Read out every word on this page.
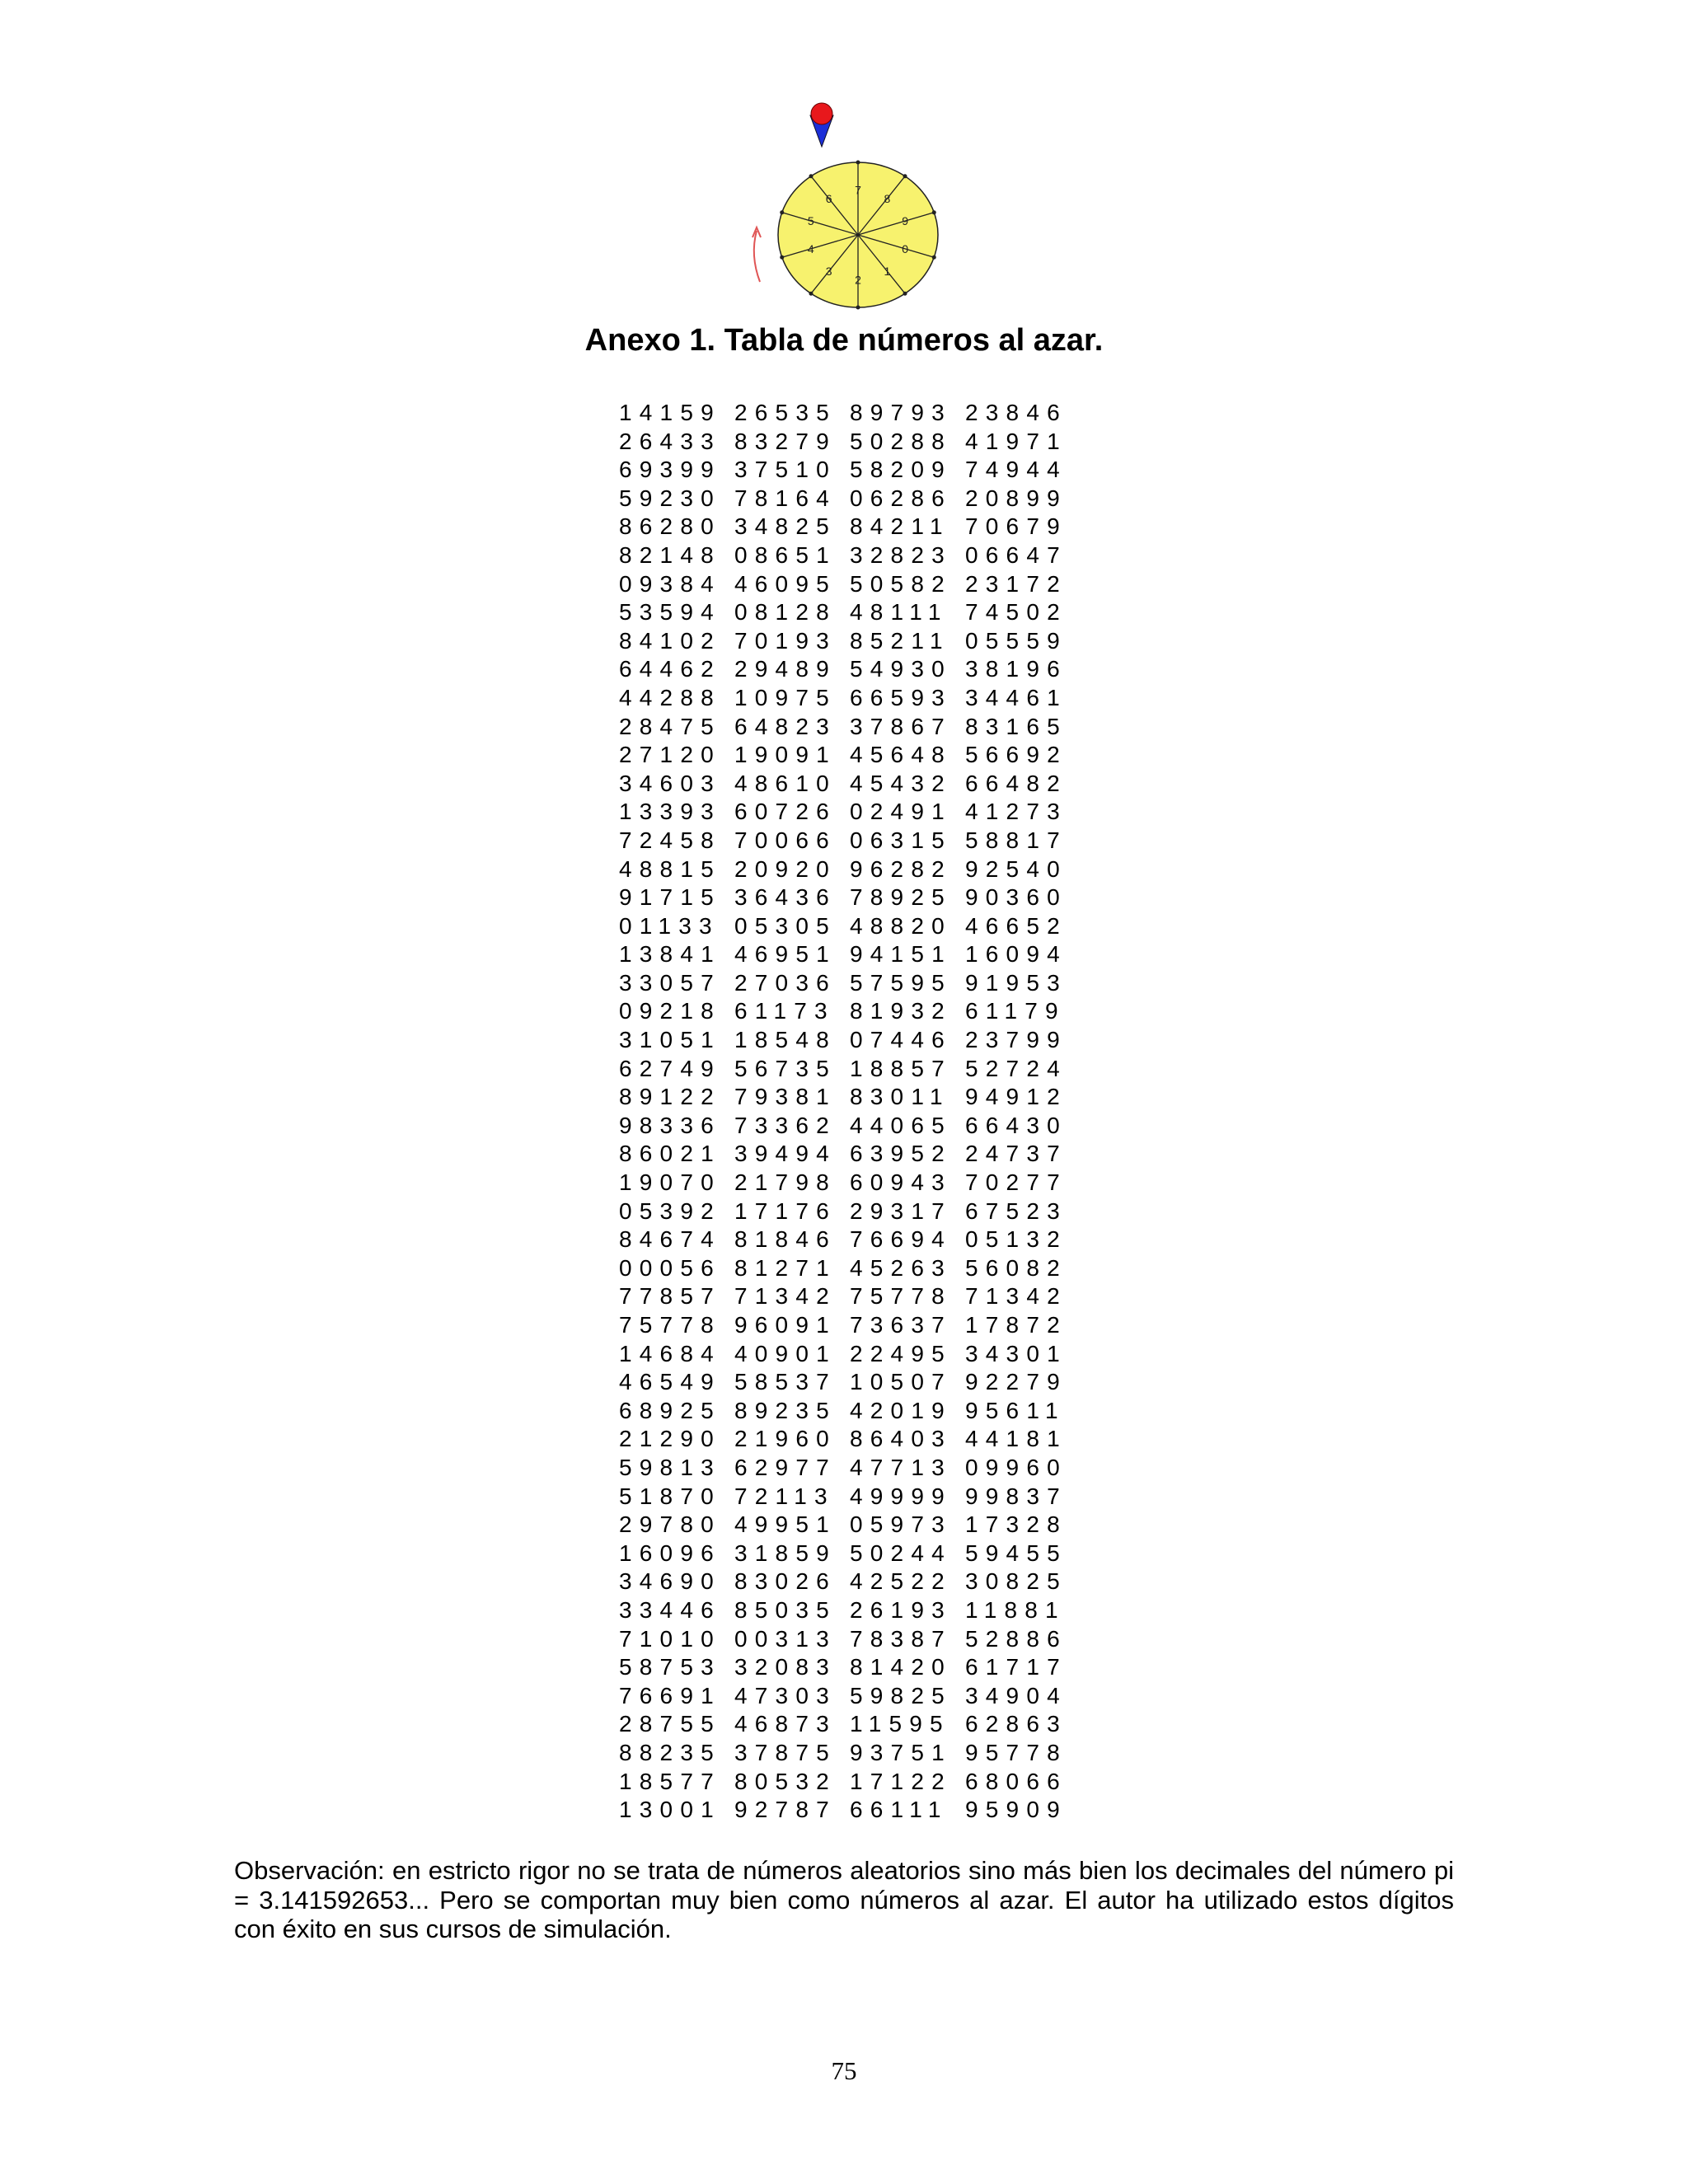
0
1
2
3
4
5
6
7
8
9
Anexo 1. Tabla de números al azar.
14159 26535 89793 23846
26433 83279 50288 41971
69399 37510 58209 74944
59230 78164 06286 20899
86280 34825 84211 70679
82148 08651 32823 06647
09384 46095 50582 23172
53594 08128 48111 74502
84102 70193 85211 05559
64462 29489 54930 38196
44288 10975 66593 34461
28475 64823 37867 83165
27120 19091 45648 56692
34603 48610 45432 66482
13393 60726 02491 41273
72458 70066 06315 58817
48815 20920 96282 92540
91715 36436 78925 90360
01133 05305 48820 46652
13841 46951 94151 16094
33057 27036 57595 91953
09218 61173 81932 61179
31051 18548 07446 23799
62749 56735 18857 52724
89122 79381 83011 94912
98336 73362 44065 66430
86021 39494 63952 24737
19070 21798 60943 70277
05392 17176 29317 67523
84674 81846 76694 05132
00056 81271 45263 56082
77857 71342 75778 71342
75778 96091 73637 17872
14684 40901 22495 34301
46549 58537 10507 92279
68925 89235 42019 95611
21290 21960 86403 44181
59813 62977 47713 09960
51870 72113 49999 99837
29780 49951 05973 17328
16096 31859 50244 59455
34690 83026 42522 30825
33446 85035 26193 11881
71010 00313 78387 52886
58753 32083 81420 61717
76691 47303 59825 34904
28755 46873 11595 62863
88235 37875 93751 95778
18577 80532 17122 68066
13001 92787 66111 95909
Observación: en estricto rigor no se trata de números aleatorios sino más bien los decimales del número pi = 3.141592653... Pero se comportan muy bien como números al azar. El autor ha utilizado estos dígitos con éxito en sus cursos de simulación.
75
